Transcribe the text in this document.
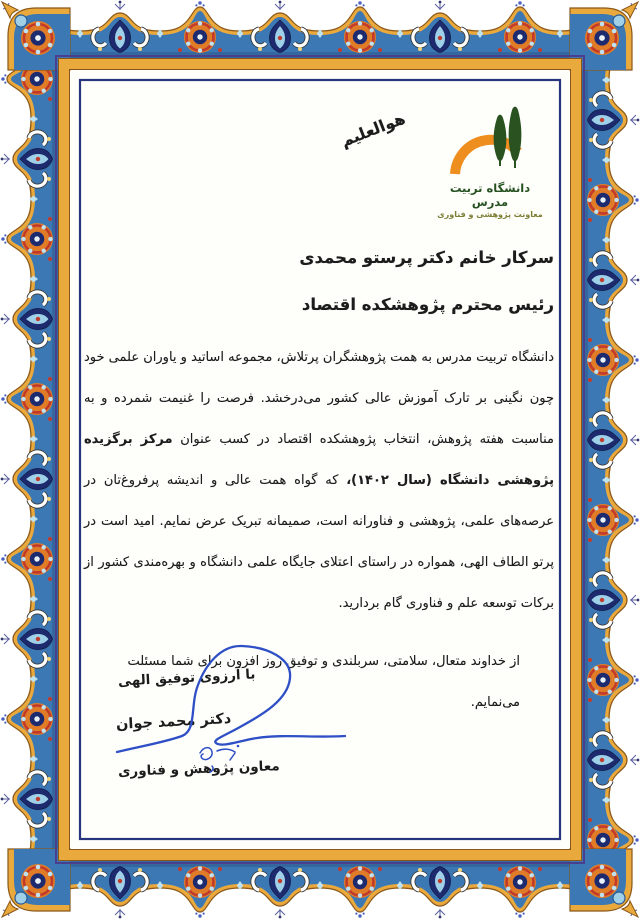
هوالعلیم
دانشگاه تربیت مدرس
معاونت پژوهشی و فناوری
سرکار خانم دکتر پرستو محمدی
رئیس محترم پژوهشکده اقتصاد
دانشگاه تربیت مدرس به همت پژوهشگران پرتلاش، مجموعه اساتید و یاوران علمی خود چون نگینی بر تارک آموزش عالی کشور می‌درخشد. فرصت را غنیمت شمرده و به مناسبت هفته پژوهش، انتخاب پژوهشکده اقتصاد در کسب عنوان مرکز برگزیده پژوهشی دانشگاه (سال ۱۴۰۲)، که گواه همت عالی و اندیشه پرفروغ‌تان در عرصه‌های علمی، پژوهشی و فناورانه است، صمیمانه تبریک عرض نمایم. امید است در پرتو الطاف الهی، همواره در راستای اعتلای جایگاه علمی دانشگاه و بهره‌مندی کشور از برکات توسعه علم و فناوری گام بردارید.
از خداوند متعال، سلامتی، سربلندی و توفیق روز افزون برای شما مسئلت می‌نمایم.
با آرزوی توفیق الهی
دکتر محمد جوان
معاون پژوهش و فناوری
